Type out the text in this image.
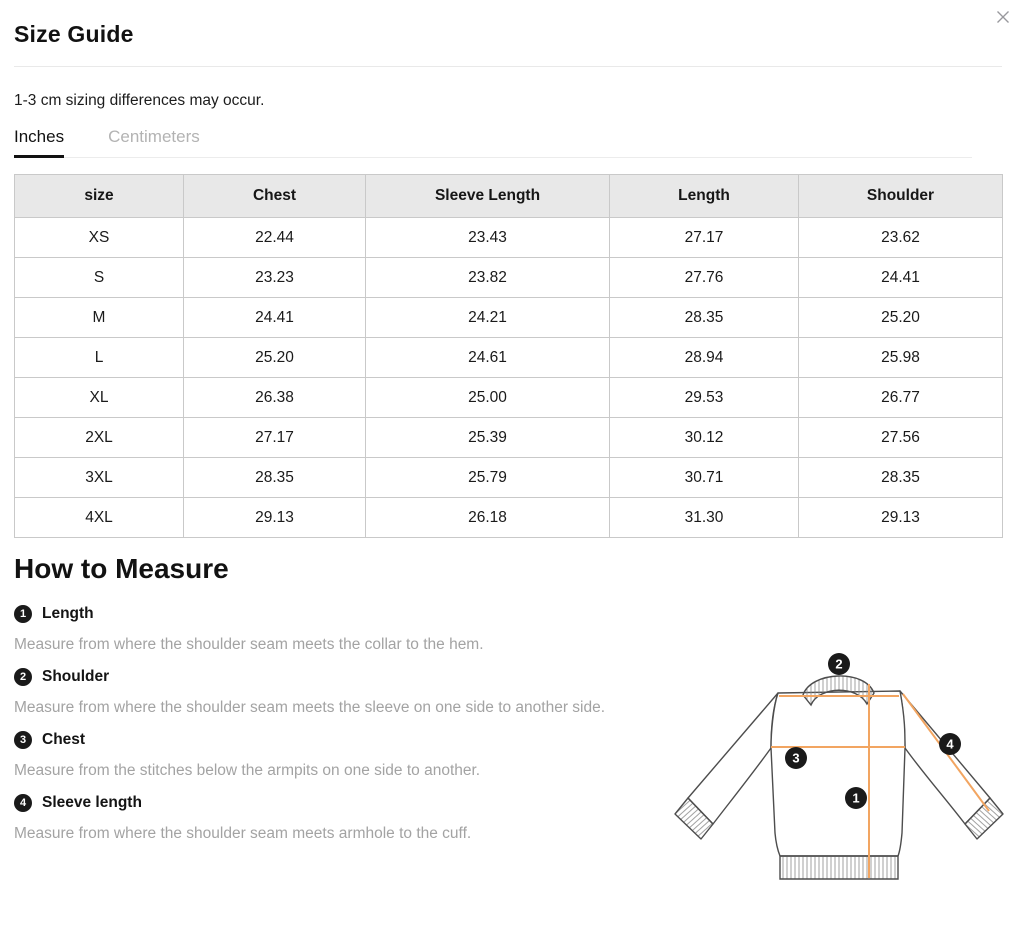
Size Guide

1-3 cm sizing differences may occur.

Inches	Centimeters
size	Chest	Sleeve Length	Length	Shoulder
XS	22.44	23.43	27.17	23.62
S	23.23	23.82	27.76	24.41
M	24.41	24.21	28.35	25.20
L	25.20	24.61	28.94	25.98
XL	26.38	25.00	29.53	26.77
2XL	27.17	25.39	30.12	27.56
3XL	28.35	25.79	30.71	28.35
4XL	29.13	26.18	31.30	29.13
How to Measure
1	Length

Measure from where the shoulder seam meets the collar to the hem.

2	Shoulder

Measure from where the shoulder seam meets the sleeve on one side to another side.

3	Chest

Measure from the stitches below the armpits on one side to another.

4	Sleeve length

Measure from where the shoulder seam meets armhole to the cuff.

2
3
4
1
